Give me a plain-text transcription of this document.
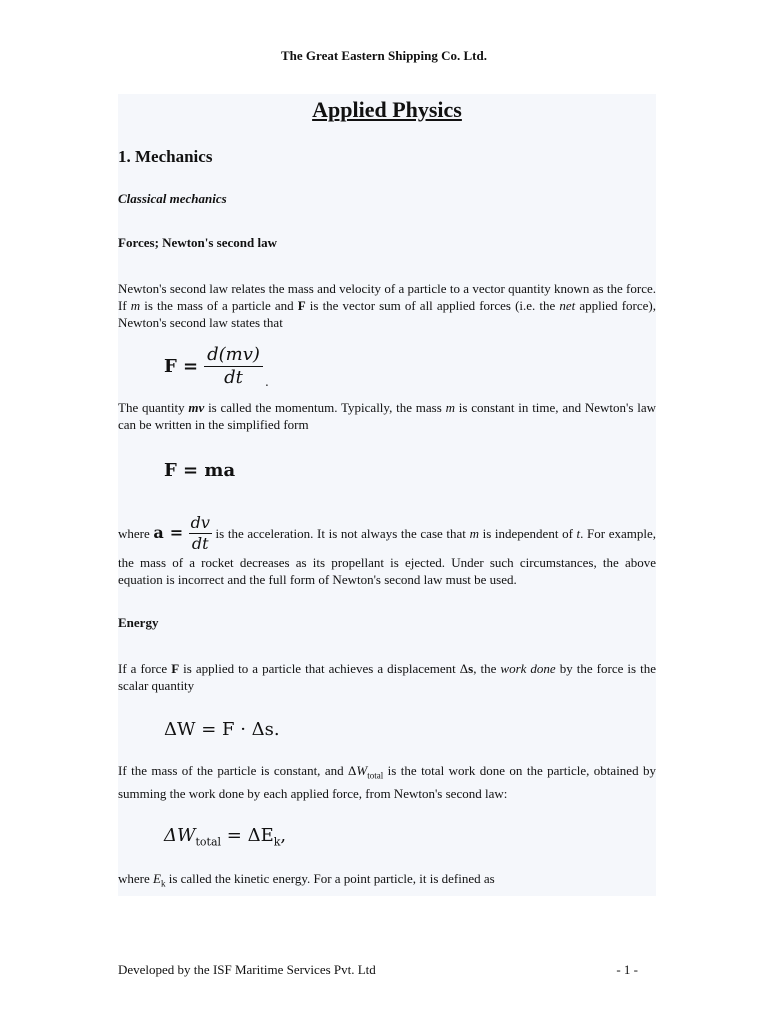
The Great Eastern Shipping Co. Ltd.
Applied Physics
1. Mechanics
Classical mechanics
Forces; Newton's second law

Newton's second law relates the mass and velocity of a particle to a vector quantity known as the force. If m is the mass of a particle and F is the vector sum of all applied forces (i.e. the net applied force), Newton's second law states that

$F = \frac{d(mv)}{dt}$ .

The quantity mv is called the momentum. Typically, the mass m is constant in time, and Newton's law can be written in the simplified form

F = ma

where $a = \frac{dv}{dt}$ is the acceleration. It is not always the case that m is independent of t. For example, the mass of a rocket decreases as its propellant is ejected. Under such circumstances, the above equation is incorrect and the full form of Newton's second law must be used.

Energy

If a force F is applied to a particle that achieves a displacement Δs, the work done by the force is the scalar quantity

ΔW = F · Δs.

If the mass of the particle is constant, and $\Delta W_{total}$ is the total work done on the particle, obtained by summing the work done by each applied force, from Newton's second law:

$\Delta W_{total} = \Delta E_k$,

where $E_k$ is called the kinetic energy. For a point particle, it is defined as

Developed by the ISF Maritime Services Pvt. Ltd	- 1 -
